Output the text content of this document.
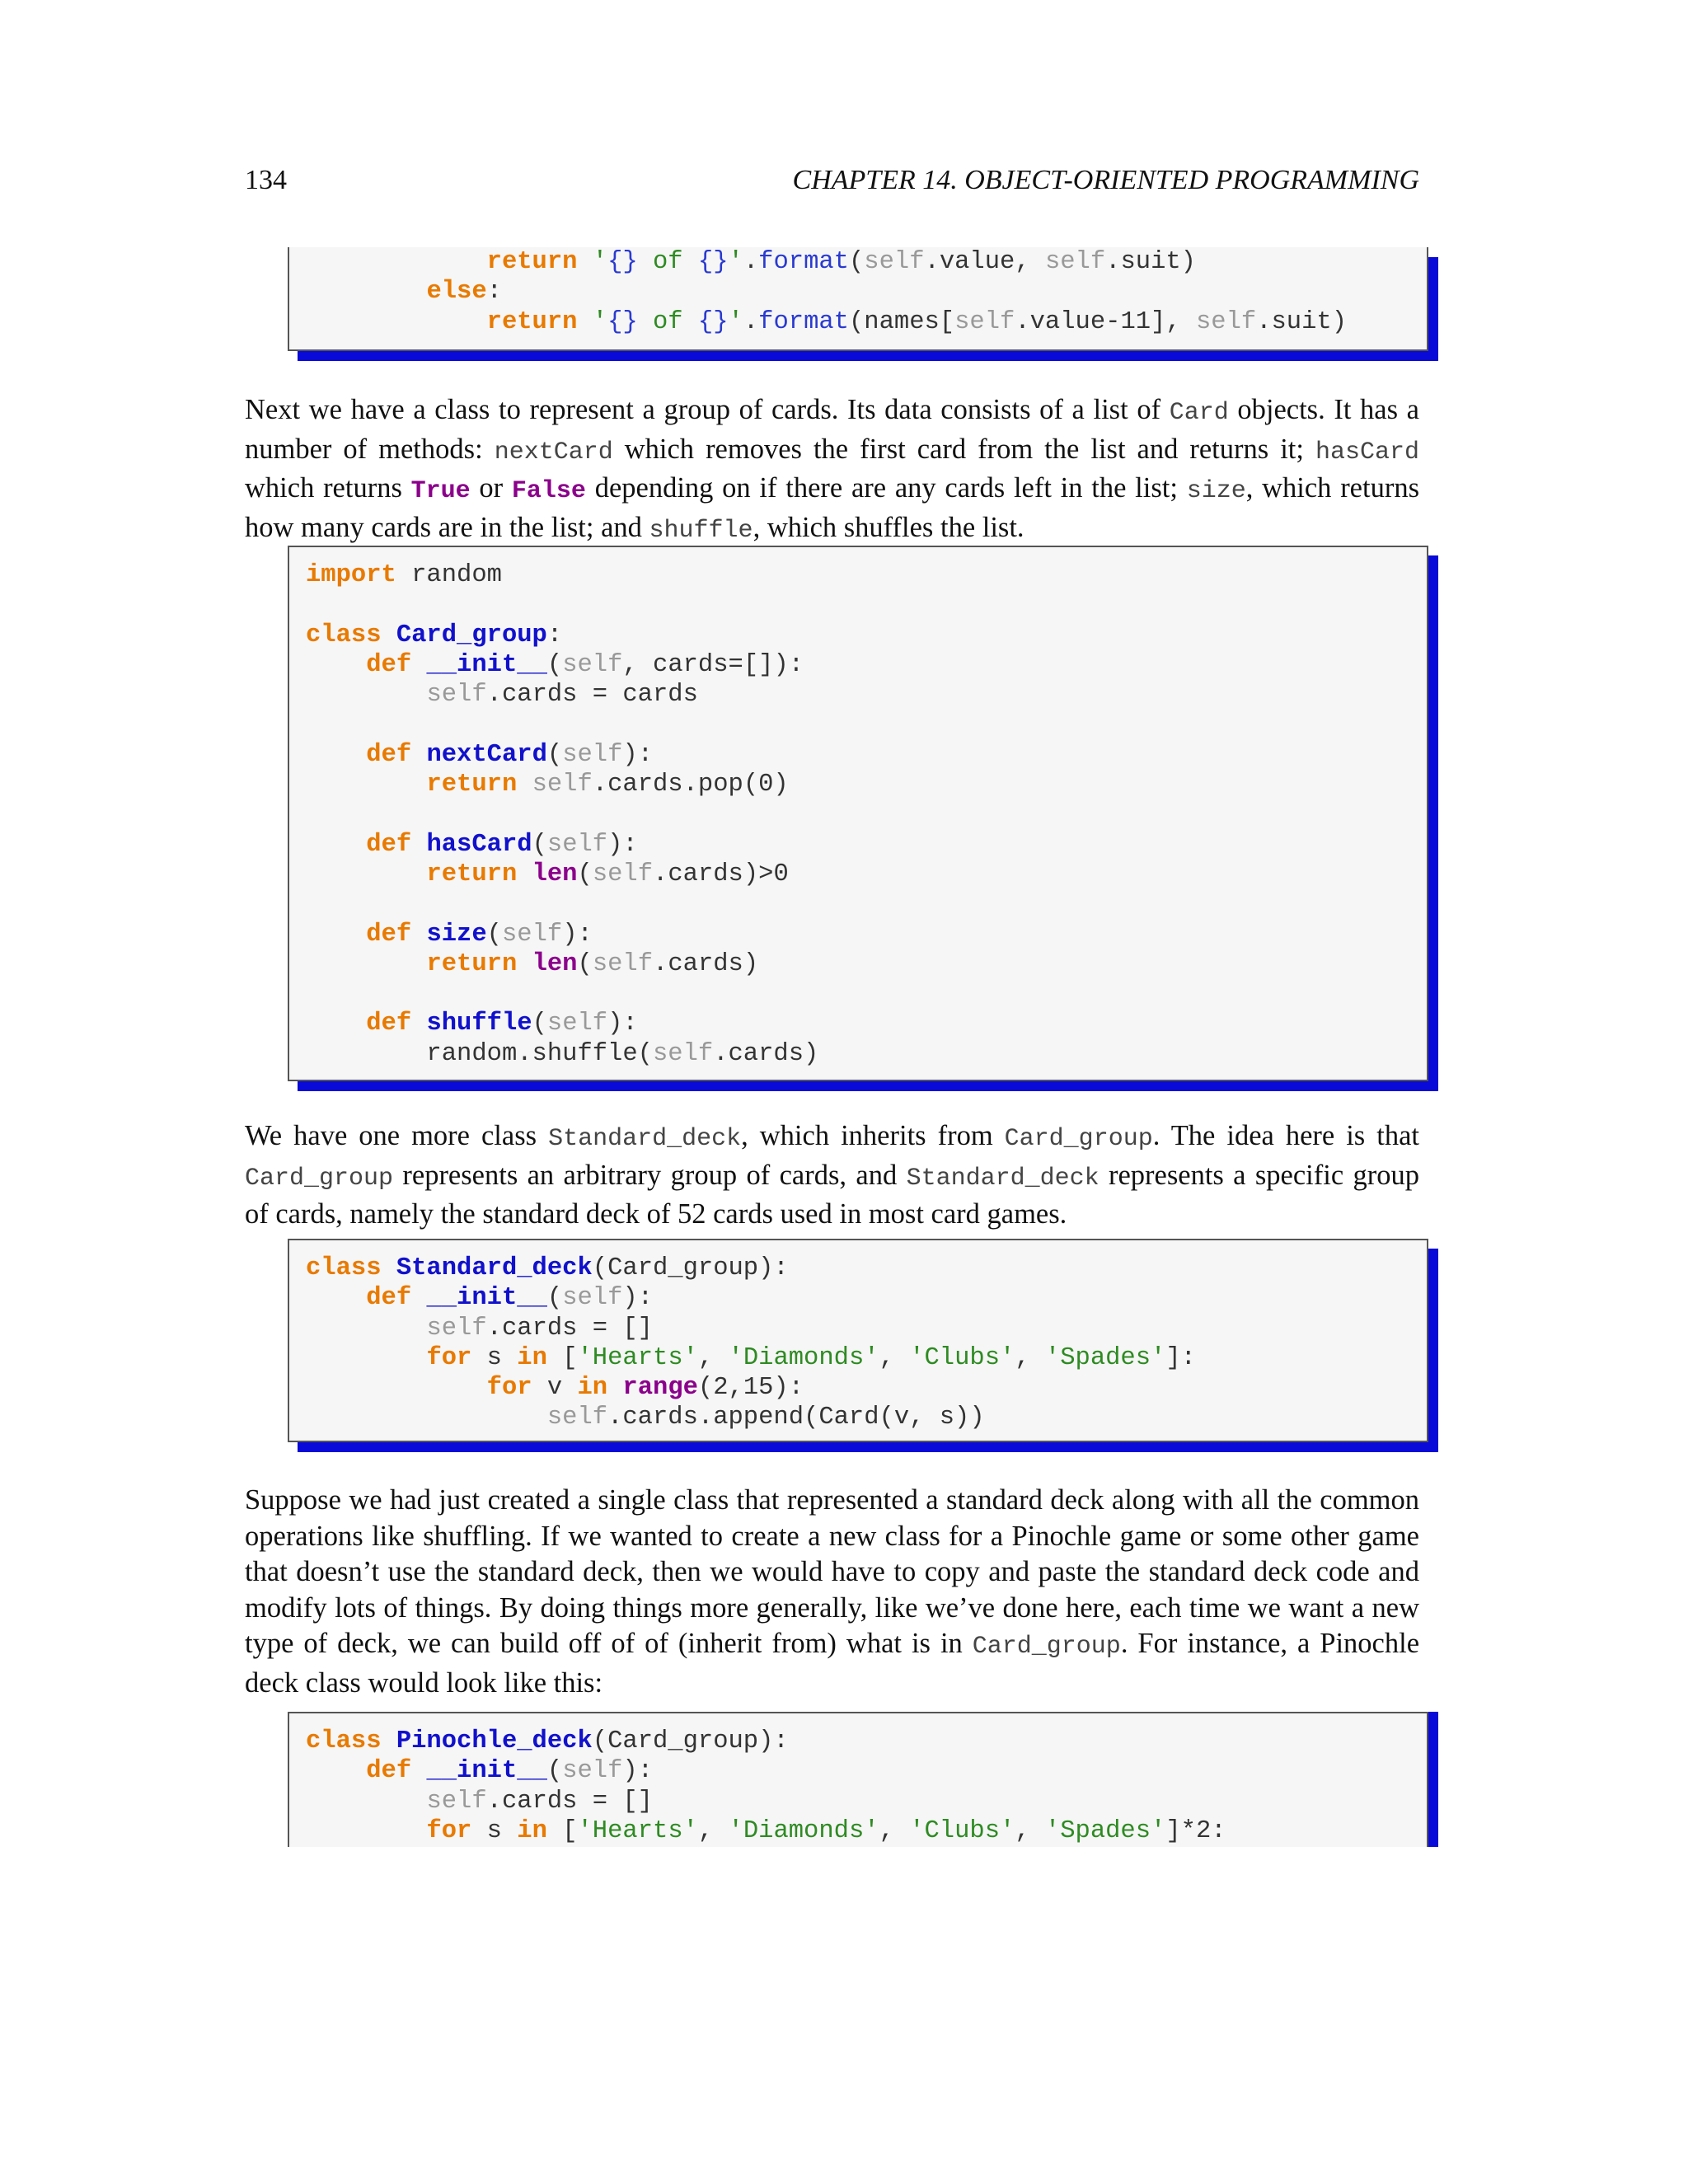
134	CHAPTER 14. OBJECT-ORIENTED PROGRAMMING
return '{} of {}'.format(self.value, self.suit)
else:
return '{} of {}'.format(names[self.value-11], self.suit)

Next we have a class to represent a group of cards. Its data consists of a list of Card objects. It has a number of methods: nextCard which removes the first card from the list and returns it; hasCard which returns True or False depending on if there are any cards left in the list; size, which returns how many cards are in the list; and shuffle, which shuffles the list.

import random

class Card_group:
def __init__(self, cards=[]):
self.cards = cards

def nextCard(self):
return self.cards.pop(0)

def hasCard(self):
return len(self.cards)>0

def size(self):
return len(self.cards)

def shuffle(self):
random.shuffle(self.cards)

We have one more class Standard_deck, which inherits from Card_group. The idea here is that Card_group represents an arbitrary group of cards, and Standard_deck represents a specific group of cards, namely the standard deck of 52 cards used in most card games.

class Standard_deck(Card_group):
def __init__(self):
self.cards = []
for s in ['Hearts', 'Diamonds', 'Clubs', 'Spades']:
for v in range(2,15):
self.cards.append(Card(v, s))

Suppose we had just created a single class that represented a standard deck along with all the common operations like shuffling. If we wanted to create a new class for a Pinochle game or some other game that doesn’t use the standard deck, then we would have to copy and paste the standard deck code and modify lots of things. By doing things more generally, like we’ve done here, each time we want a new type of deck, we can build off of of (inherit from) what is in Card_group. For instance, a Pinochle deck class would look like this:

class Pinochle_deck(Card_group):
def __init__(self):
self.cards = []
for s in ['Hearts', 'Diamonds', 'Clubs', 'Spades']*2:
